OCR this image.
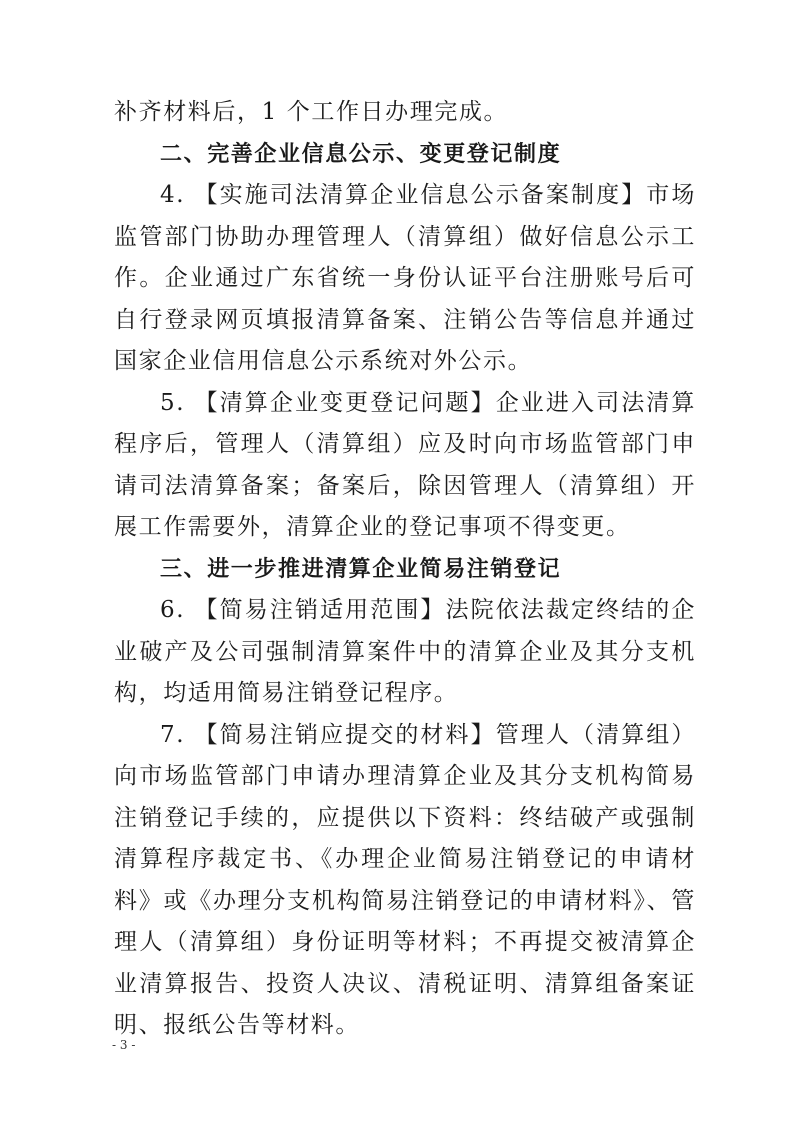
补齐材料后，1 个工作日办理完成。

二、完善企业信息公示、变更登记制度

4. 【实施司法清算企业信息公示备案制度】市场监管部门协助办理管理人（清算组）做好信息公示工作。企业通过广东省统一身份认证平台注册账号后可自行登录网页填报清算备案、注销公告等信息并通过国家企业信用信息公示系统对外公示。

5. 【清算企业变更登记问题】企业进入司法清算程序后，管理人（清算组）应及时向市场监管部门申请司法清算备案；备案后，除因管理人（清算组）开展工作需要外，清算企业的登记事项不得变更。

三、进一步推进清算企业简易注销登记

6. 【简易注销适用范围】法院依法裁定终结的企业破产及公司强制清算案件中的清算企业及其分支机构，均适用简易注销登记程序。

7. 【简易注销应提交的材料】管理人（清算组）向市场监管部门申请办理清算企业及其分支机构简易注销登记手续的，应提供以下资料：终结破产或强制清算程序裁定书、《办理企业简易注销登记的申请材料》或《办理分支机构简易注销登记的申请材料》、管理人（清算组）身份证明等材料；不再提交被清算企业清算报告、投资人决议、清税证明、清算组备案证明、报纸公告等材料。

- 3 -
